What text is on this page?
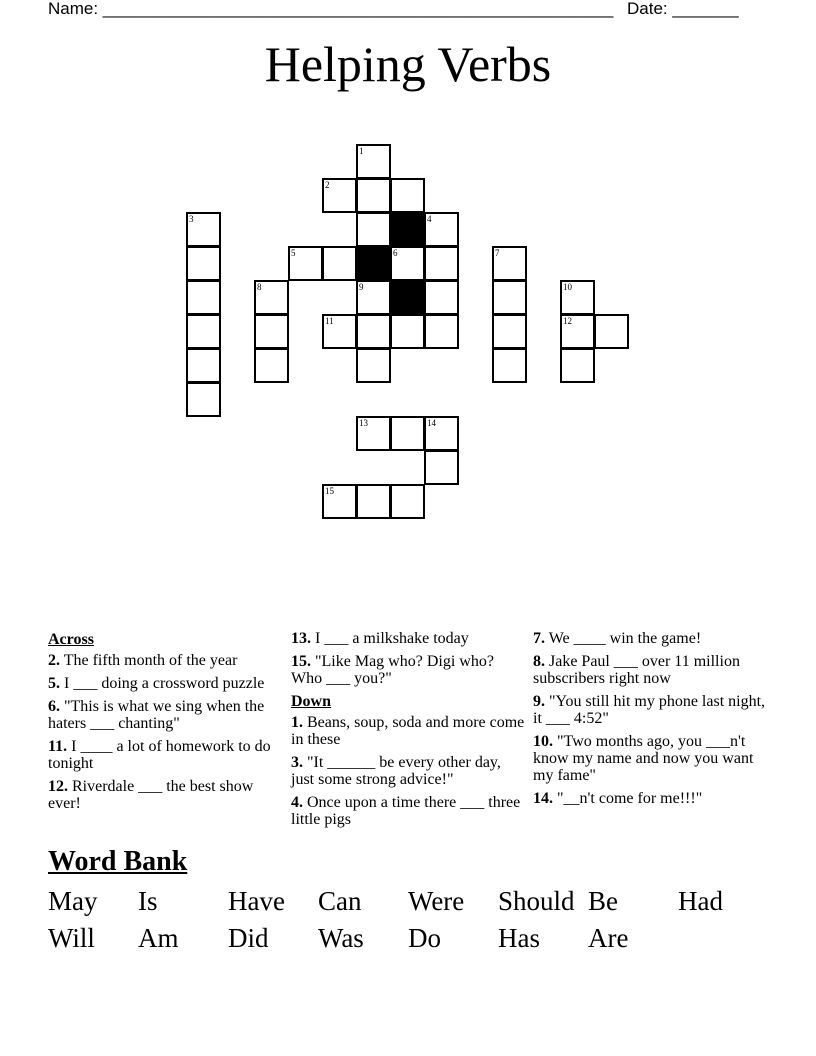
Name: ______________________________________________________ Date: _______
Helping Verbs
1
2
3	4
5	6	7
8	9	10
11	12
13	14
15
Across
2. The fifth month of the year
5. I ___ doing a crossword puzzle
6. "This is what we sing when the haters ___ chanting"
11. I ____ a lot of homework to do tonight
12. Riverdale ___ the best show ever!
13. I ___ a milkshake today
15. "Like Mag who? Digi who? Who ___ you?"
Down
1. Beans, soup, soda and more come in these
3. "It ______ be every other day, just some strong advice!"
4. Once upon a time there ___ three little pigs
7. We ____ win the game!
8. Jake Paul ___ over 11 million subscribers right now
9. "You still hit my phone last night, it ___ 4:52"
10. "Two months ago, you ___n't know my name and now you want my fame"
14. "__n't come for me!!!"
Word Bank
May Is	Have Can Were Should Be Had
Will Am Did Was Do Has Are
